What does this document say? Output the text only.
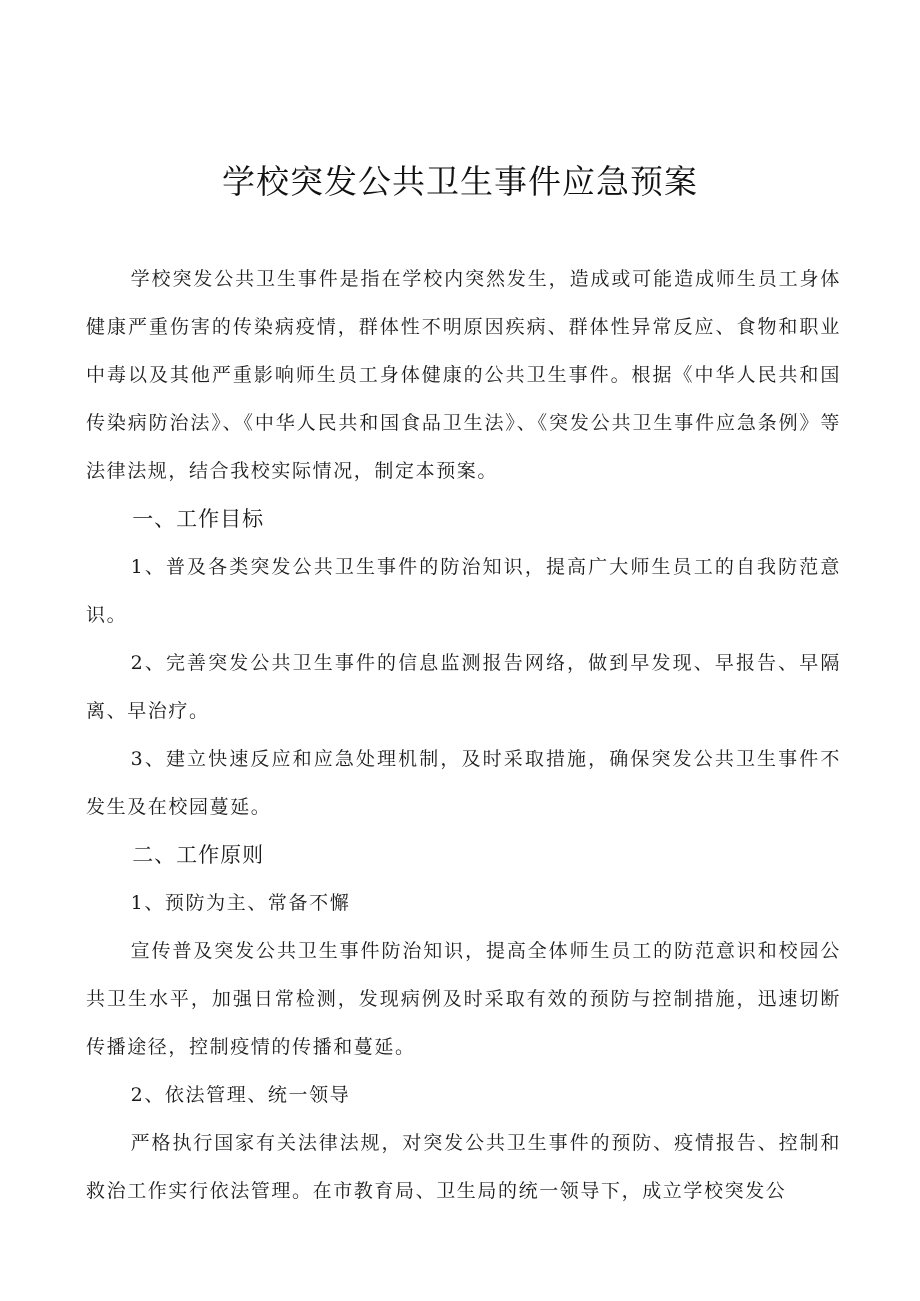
学校突发公共卫生事件应急预案

学校突发公共卫生事件是指在学校内突然发生，造成或可能造成师生员工身体健康严重伤害的传染病疫情，群体性不明原因疾病、群体性异常反应、食物和职业中毒以及其他严重影响师生员工身体健康的公共卫生事件。根据《中华人民共和国传染病防治法》、《中华人民共和国食品卫生法》、《突发公共卫生事件应急条例》等法律法规，结合我校实际情况，制定本预案。

一、工作目标

1、普及各类突发公共卫生事件的防治知识，提高广大师生员工的自我防范意识。

2、完善突发公共卫生事件的信息监测报告网络，做到早发现、早报告、早隔离、早治疗。

3、建立快速反应和应急处理机制，及时采取措施，确保突发公共卫生事件不发生及在校园蔓延。

二、工作原则

1、预防为主、常备不懈

宣传普及突发公共卫生事件防治知识，提高全体师生员工的防范意识和校园公共卫生水平，加强日常检测，发现病例及时采取有效的预防与控制措施，迅速切断传播途径，控制疫情的传播和蔓延。

2、依法管理、统一领导

严格执行国家有关法律法规，对突发公共卫生事件的预防、疫情报告、控制和救治工作实行依法管理。在市教育局、卫生局的统一领导下，成立学校突发公
